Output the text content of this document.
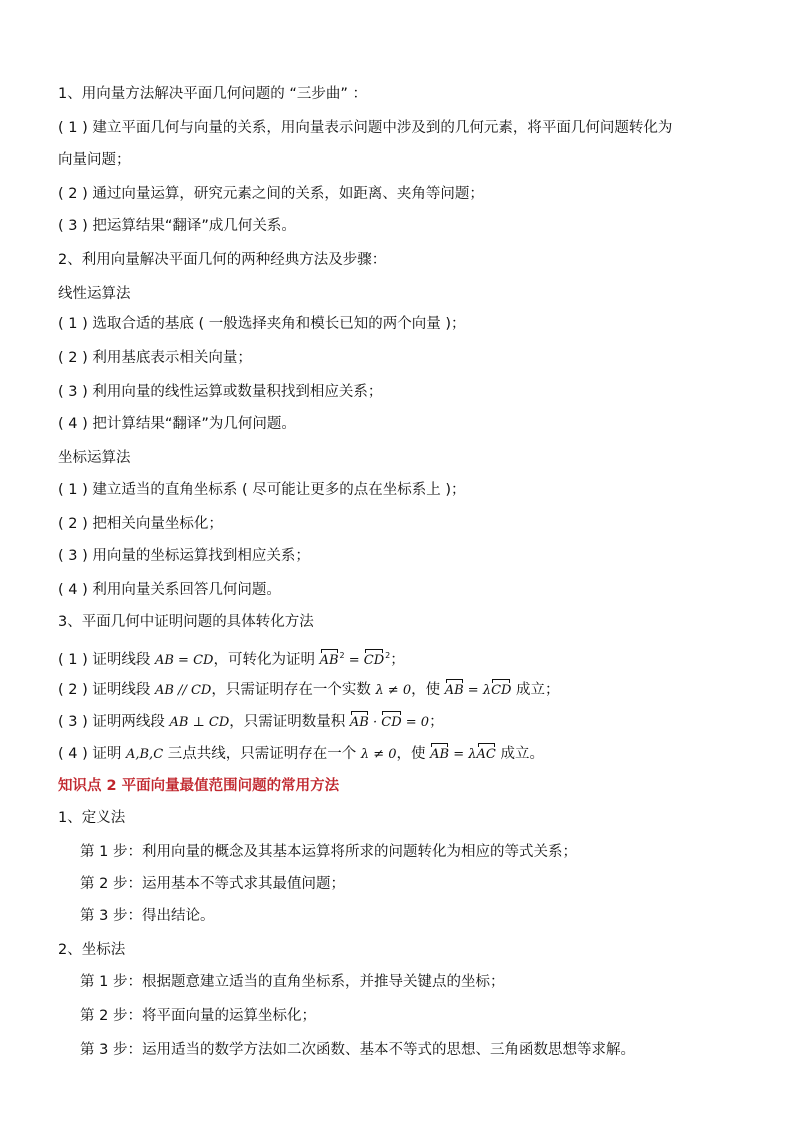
1、用向量方法解决平面几何问题的 “三步曲” ：
( 1 ) 建立平面几何与向量的关系，用向量表示问题中涉及到的几何元素，将平面几何问题转化为
向量问题；
( 2 ) 通过向量运算，研究元素之间的关系，如距离、夹角等问题；
( 3 ) 把运算结果“翻译”成几何关系。
2、利用向量解决平面几何的两种经典方法及步骤：
线性运算法
( 1 ) 选取合适的基底 ( 一般选择夹角和模长已知的两个向量 )；
( 2 ) 利用基底表示相关向量；
( 3 ) 利用向量的线性运算或数量积找到相应关系；
( 4 ) 把计算结果“翻译”为几何问题。
坐标运算法
( 1 ) 建立适当的直角坐标系 ( 尽可能让更多的点在坐标系上 )；
( 2 ) 把相关向量坐标化；
( 3 ) 用向量的坐标运算找到相应关系；
( 4 ) 利用向量关系回答几何问题。
3、平面几何中证明问题的具体转化方法
( 1 ) 证明线段 AB = CD，可转化为证明 $AB^2 = CD^2$；
( 2 ) 证明线段 AB // CD，只需证明存在一个实数 λ ≠ 0，使 AB = λCD 成立；
( 3 ) 证明两线段 AB ⊥ CD，只需证明数量积 AB · CD = 0；
( 4 ) 证明 A,B,C 三点共线，只需证明存在一个 λ ≠ 0，使 AB = λAC 成立。
知识点 2 平面向量最值范围问题的常用方法
1、定义法
第 1 步：利用向量的概念及其基本运算将所求的问题转化为相应的等式关系；
第 2 步：运用基本不等式求其最值问题；
第 3 步：得出结论。
2、坐标法
第 1 步：根据题意建立适当的直角坐标系，并推导关键点的坐标；
第 2 步：将平面向量的运算坐标化；
第 3 步：运用适当的数学方法如二次函数、基本不等式的思想、三角函数思想等求解。
